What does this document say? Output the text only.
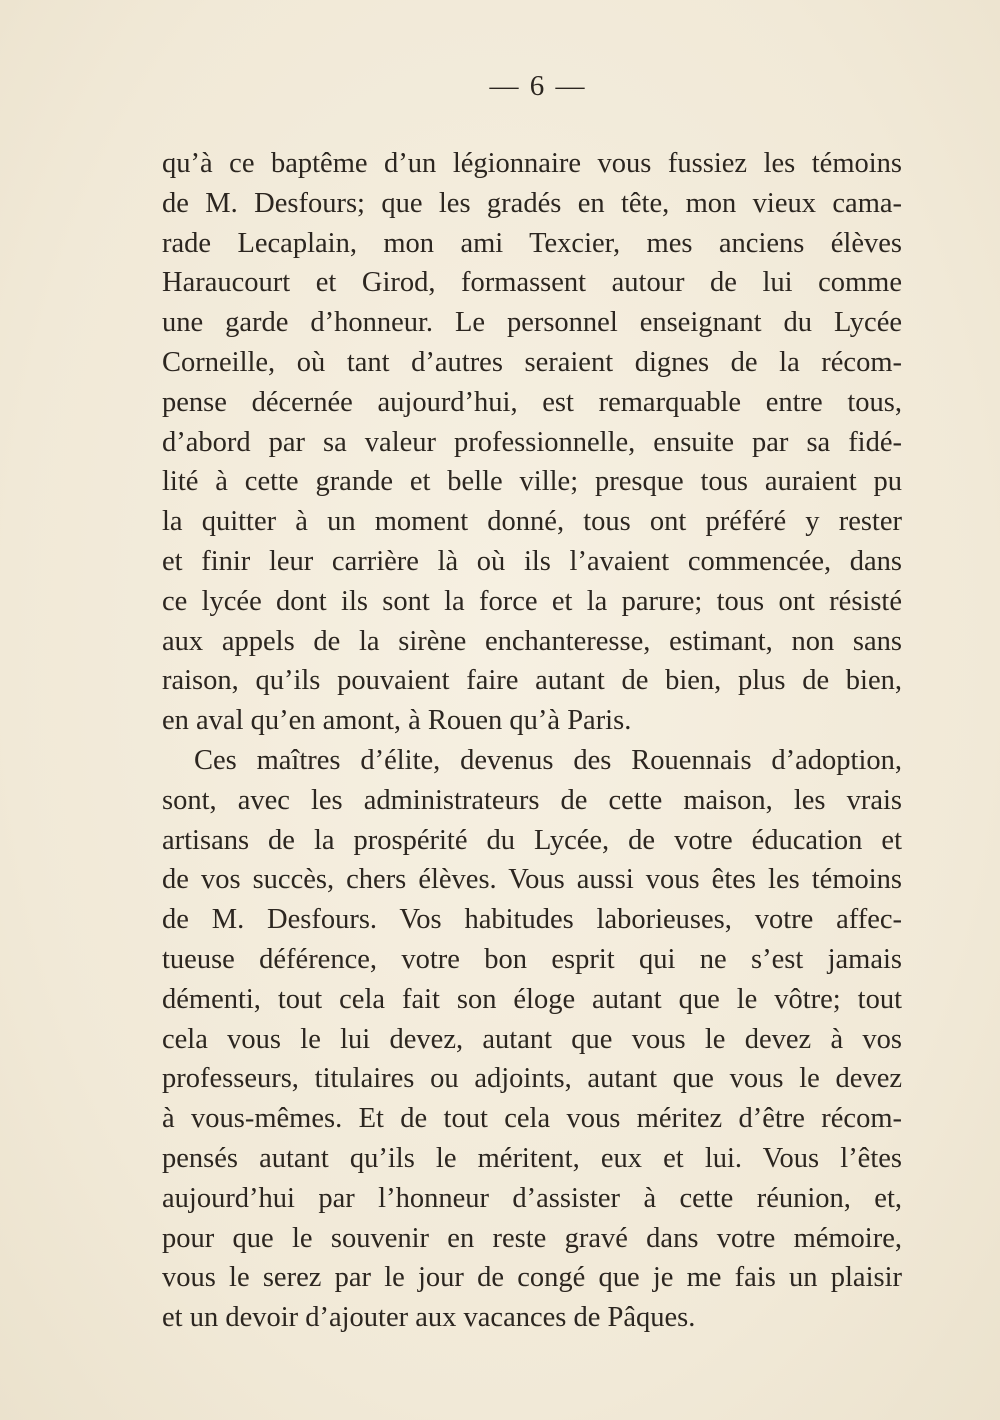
— 6 —
qu’à ce baptême d’un légionnaire vous fussiez les témoins
de M. Desfours; que les gradés en tête, mon vieux cama-
rade Lecaplain, mon ami Texcier, mes anciens élèves
Haraucourt et Girod, formassent autour de lui comme
une garde d’honneur. Le personnel enseignant du Lycée
Corneille, où tant d’autres seraient dignes de la récom-
pense décernée aujourd’hui, est remarquable entre tous,
d’abord par sa valeur professionnelle, ensuite par sa fidé-
lité à cette grande et belle ville; presque tous auraient pu
la quitter à un moment donné, tous ont préféré y rester
et finir leur carrière là où ils l’avaient commencée, dans
ce lycée dont ils sont la force et la parure; tous ont résisté
aux appels de la sirène enchanteresse, estimant, non sans
raison, qu’ils pouvaient faire autant de bien, plus de bien,
en aval qu’en amont, à Rouen qu’à Paris.
Ces maîtres d’élite, devenus des Rouennais d’adoption,
sont, avec les administrateurs de cette maison, les vrais
artisans de la prospérité du Lycée, de votre éducation et
de vos succès, chers élèves. Vous aussi vous êtes les témoins
de M. Desfours. Vos habitudes laborieuses, votre affec-
tueuse déférence, votre bon esprit qui ne s’est jamais
démenti, tout cela fait son éloge autant que le vôtre; tout
cela vous le lui devez, autant que vous le devez à vos
professeurs, titulaires ou adjoints, autant que vous le devez
à vous-mêmes. Et de tout cela vous méritez d’être récom-
pensés autant qu’ils le méritent, eux et lui. Vous l’êtes
aujourd’hui par l’honneur d’assister à cette réunion, et,
pour que le souvenir en reste gravé dans votre mémoire,
vous le serez par le jour de congé que je me fais un plaisir
et un devoir d’ajouter aux vacances de Pâques.
